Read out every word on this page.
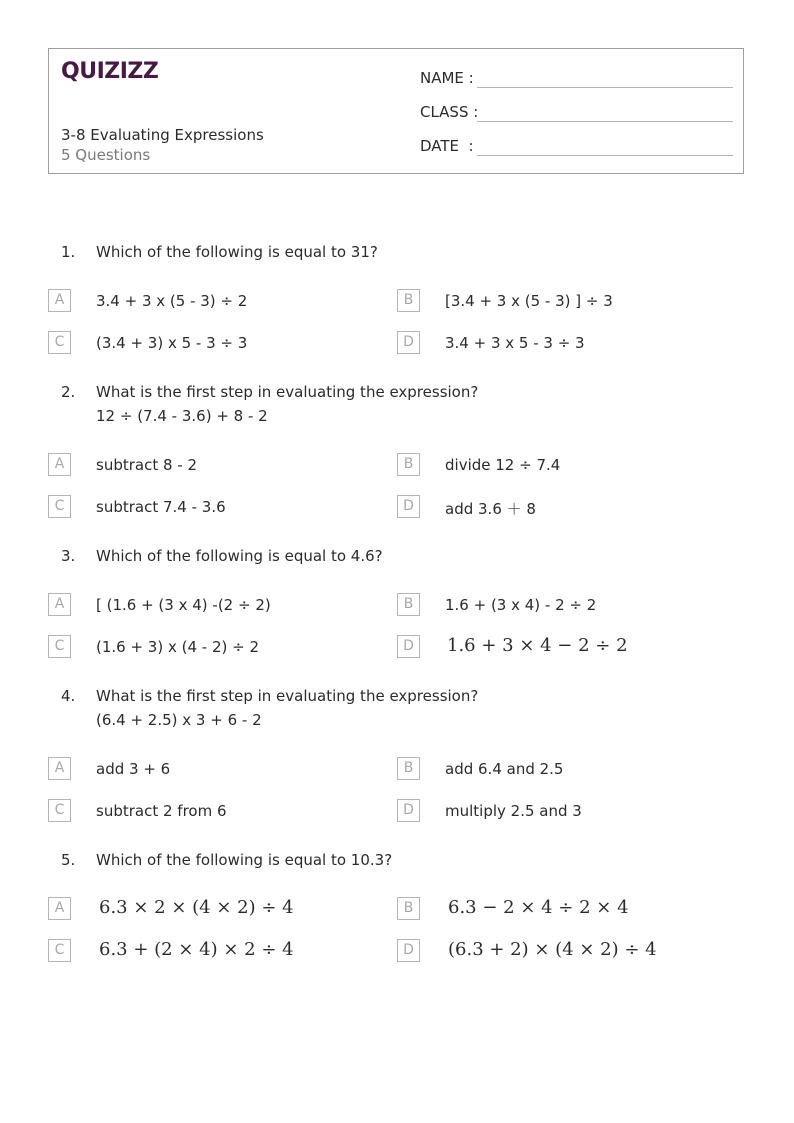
QUIZIZZ
3-8 Evaluating Expressions
5 Questions
NAME :
CLASS :
DATE  :
1. Which of the following is equal to 31?
A	3.4 + 3 x (5 - 3) ÷ 2	B	[3.4 + 3 x (5 - 3) ] ÷ 3
C	(3.4 + 3) x 5 - 3 ÷ 3	D	3.4 + 3 x 5 - 3 ÷ 3
2. What is the first step in evaluating the expression?
12 ÷ (7.4 - 3.6) + 8 - 2
A	subtract 8 - 2	B	divide 12 ÷ 7.4
C	subtract 7.4 - 3.6	D	add 3.6 ＋ 8
3. Which of the following is equal to 4.6?
A	[ (1.6 + (3 x 4) -(2 ÷ 2)	B	1.6 + (3 x 4) - 2 ÷ 2
C	(1.6 + 3) x (4 - 2) ÷ 2	D	1.6 + 3 × 4 − 2 ÷ 2
4. What is the first step in evaluating the expression?
(6.4 + 2.5) x 3 + 6 - 2
A	add 3 + 6	B	add 6.4 and 2.5
C	subtract 2 from 6	D	multiply 2.5 and 3
5. Which of the following is equal to 10.3?
A	6.3 × 2 × (4 × 2) ÷ 4	B	6.3 − 2 × 4 ÷ 2 × 4
C	6.3 + (2 × 4) × 2 ÷ 4	D	(6.3 + 2) × (4 × 2) ÷ 4
